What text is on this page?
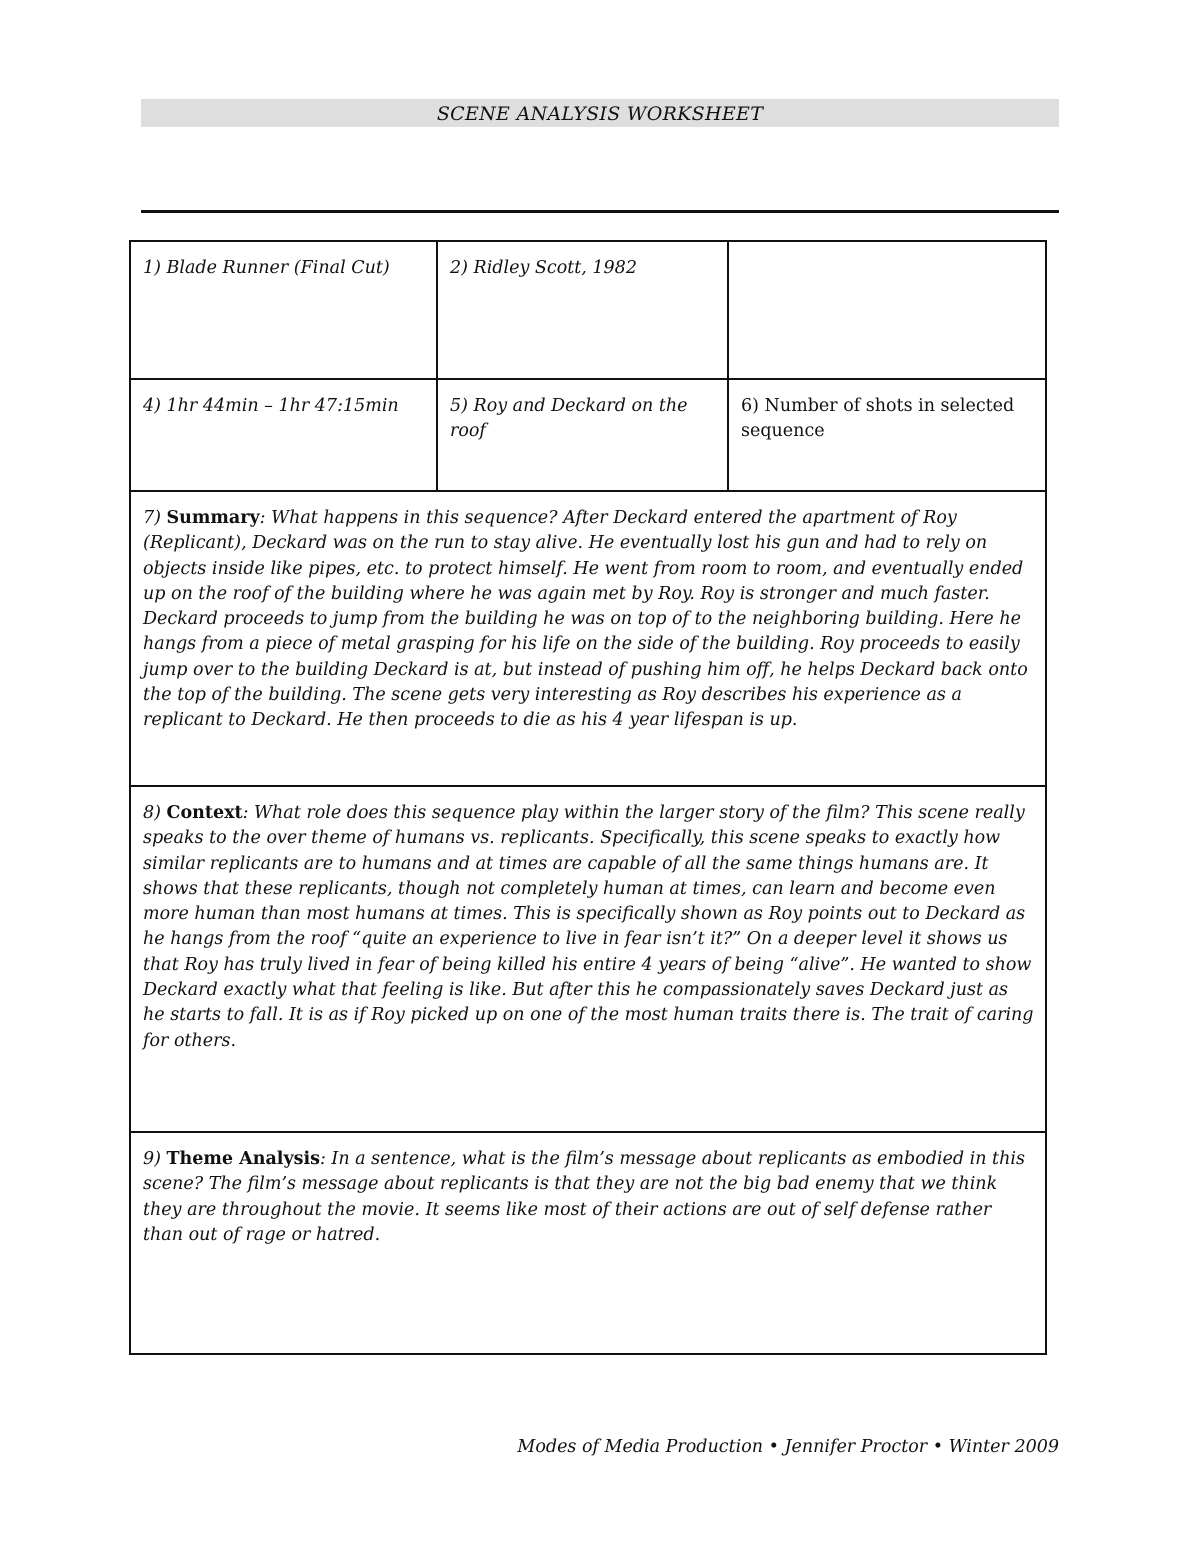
SCENE ANALYSIS WORKSHEET
1) Blade Runner (Final Cut)	2) Ridley Scott, 1982
4) 1hr 44min – 1hr 47:15min	5) Roy and Deckard on the roof
6) Number of shots in selected sequence
7) Summary: What happens in this sequence? After Deckard entered the apartment of Roy (Replicant), Deckard was on the run to stay alive. He eventually lost his gun and had to rely on objects inside like pipes, etc. to protect himself. He went from room to room, and eventually ended up on the roof of the building where he was again met by Roy. Roy is stronger and much faster. Deckard proceeds to jump from the building he was on top of to the neighboring building. Here he hangs from a piece of metal grasping for his life on the side of the building. Roy proceeds to easily jump over to the building Deckard is at, but instead of pushing him off, he helps Deckard back onto the top of the building. The scene gets very interesting as Roy describes his experience as a replicant to Deckard. He then proceeds to die as his 4 year lifespan is up.
8) Context: What role does this sequence play within the larger story of the film? This scene really speaks to the over theme of humans vs. replicants. Specifically, this scene speaks to exactly how similar replicants are to humans and at times are capable of all the same things humans are. It shows that these replicants, though not completely human at times, can learn and become even more human than most humans at times. This is specifically shown as Roy points out to Deckard as he hangs from the roof “quite an experience to live in fear isn’t it?” On a deeper level it shows us that Roy has truly lived in fear of being killed his entire 4 years of being “alive”. He wanted to show Deckard exactly what that feeling is like. But after this he compassionately saves Deckard just as he starts to fall. It is as if Roy picked up on one of the most human traits there is. The trait of caring for others.
9) Theme Analysis: In a sentence, what is the film’s message about replicants as embodied in this scene? The film’s message about replicants is that they are not the big bad enemy that we think they are throughout the movie. It seems like most of their actions are out of self defense rather than out of rage or hatred.
Modes of Media Production • Jennifer Proctor • Winter 2009
